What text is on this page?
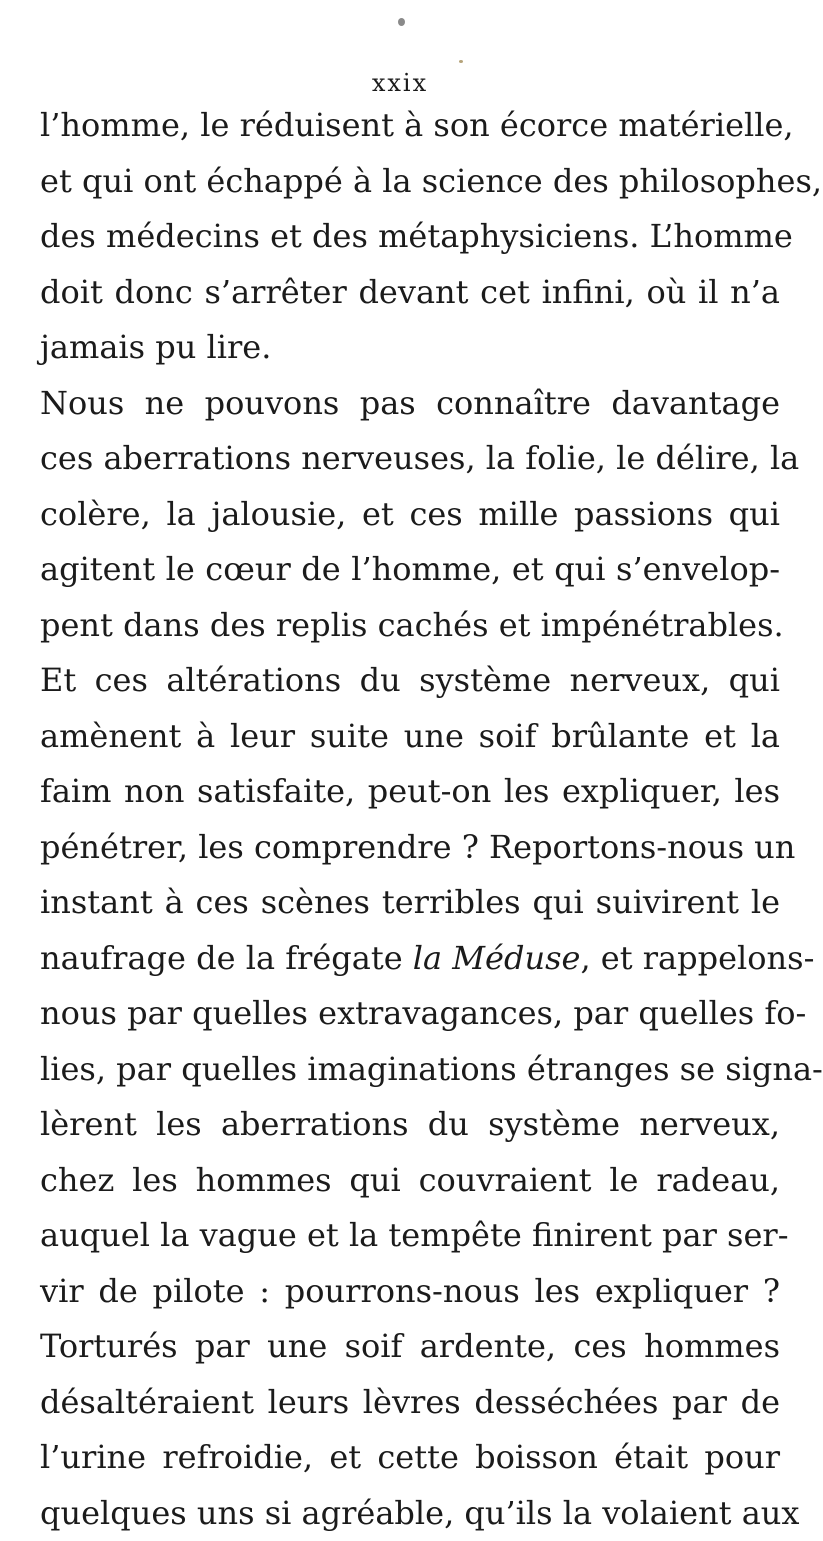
xxix
l’homme, le réduisent à son écorce matérielle,
et qui ont échappé à la science des philosophes,
des médecins et des métaphysiciens. L’homme
doit donc s’arrêter devant cet infini, où il n’a
jamais pu lire.
Nous ne pouvons pas connaître davantage
ces aberrations nerveuses, la folie, le délire, la
colère, la jalousie, et ces mille passions qui
agitent le cœur de l’homme, et qui s’envelop-
pent dans des replis cachés et impénétrables.
Et ces altérations du système nerveux, qui
amènent à leur suite une soif brûlante et la
faim non satisfaite, peut-on les expliquer, les
pénétrer, les comprendre ? Reportons-nous un
instant à ces scènes terribles qui suivirent le
naufrage de la frégate la Méduse, et rappelons-
nous par quelles extravagances, par quelles fo-
lies, par quelles imaginations étranges se signa-
lèrent les aberrations du système nerveux,
chez les hommes qui couvraient le radeau,
auquel la vague et la tempête finirent par ser-
vir de pilote : pourrons-nous les expliquer ?
Torturés par une soif ardente, ces hommes
désaltéraient leurs lèvres desséchées par de
l’urine refroidie, et cette boisson était pour
quelques uns si agréable, qu’ils la volaient aux
